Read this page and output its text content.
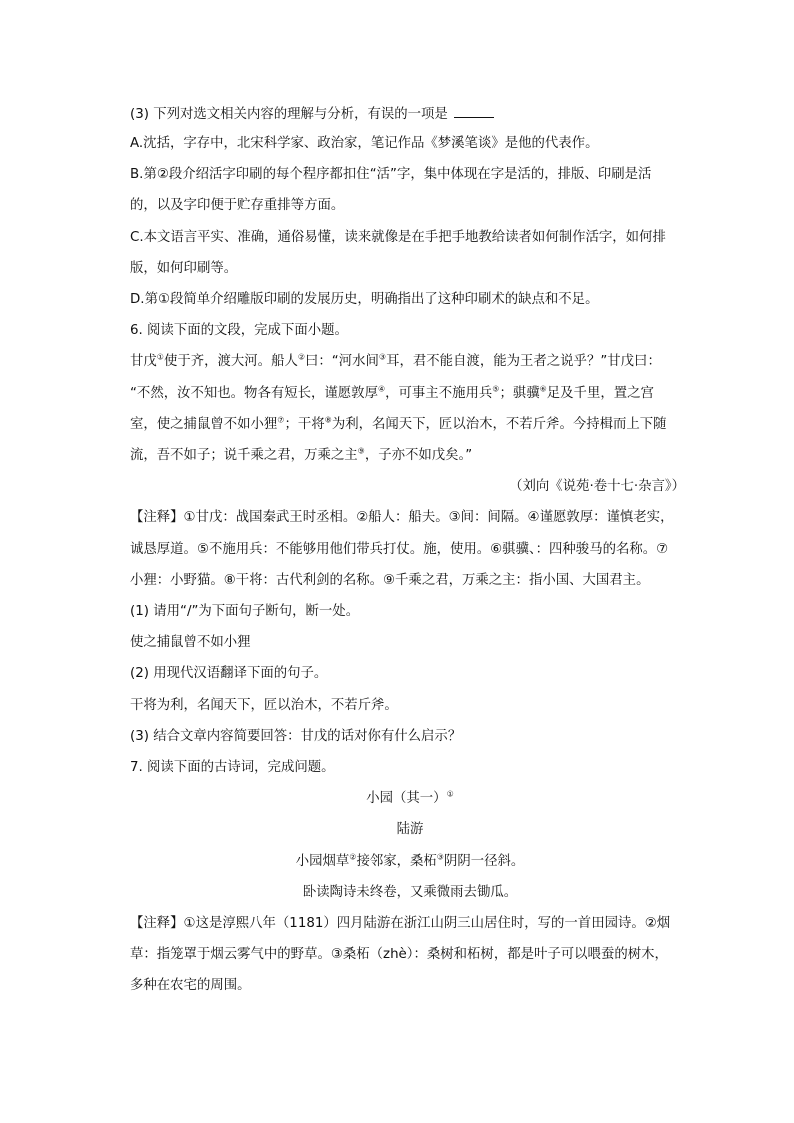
(3) 下列对选文相关内容的理解与分析，有误的一项是
A.沈括，字存中，北宋科学家、政治家，笔记作品《梦溪笔谈》是他的代表作。
B.第②段介绍活字印刷的每个程序都扣住“活”字，集中体现在字是活的，排版、印刷是活
的，以及字印便于贮存重排等方面。
C.本文语言平实、准确，通俗易懂，读来就像是在手把手地教给读者如何制作活字，如何排
版，如何印刷等。
D.第①段简单介绍雕版印刷的发展历史，明确指出了这种印刷术的缺点和不足。
6. 阅读下面的文段，完成下面小题。
甘戊①使于齐，渡大河。船人②曰：“河水间③耳，君不能自渡，能为王者之说乎？”甘戊曰：
“不然，汝不知也。物各有短长，谨愿敦厚④，可事主不施用兵⑤；骐骥⑥足及千里，置之宫
室，使之捕鼠曾不如小狸⑦；干将⑧为利，名闻天下，匠以治木，不若斤斧。今持楫而上下随
流，吾不如子；说千乘之君，万乘之主⑨，子亦不如戊矣。”
（刘向《说苑·卷十七·杂言》）
【注释】①甘戊：战国秦武王时丞相。②船人：船夫。③间：间隔。④谨愿敦厚：谨慎老实，
诚恳厚道。⑤不施用兵：不能够用他们带兵打仗。施，使用。⑥骐骥、：四种骏马的名称。⑦
小狸：小野猫。⑧干将：古代利剑的名称。⑨千乘之君，万乘之主：指小国、大国君主。
(1) 请用“/”为下面句子断句，断一处。
使之捕鼠曾不如小狸
(2) 用现代汉语翻译下面的句子。
干将为利，名闻天下，匠以治木，不若斤斧。
(3) 结合文章内容简要回答：甘戊的话对你有什么启示？
7. 阅读下面的古诗词，完成问题。
小园（其一）①
陆游
小园烟草②接邻家，桑柘③阴阴一径斜。
卧读陶诗未终卷，又乘微雨去锄瓜。
【注释】①这是淳熙八年（1181）四月陆游在浙江山阴三山居住时，写的一首田园诗。②烟
草：指笼罩于烟云雾气中的野草。③桑柘（zhè）：桑树和柘树，都是叶子可以喂蚕的树木，
多种在农宅的周围。
